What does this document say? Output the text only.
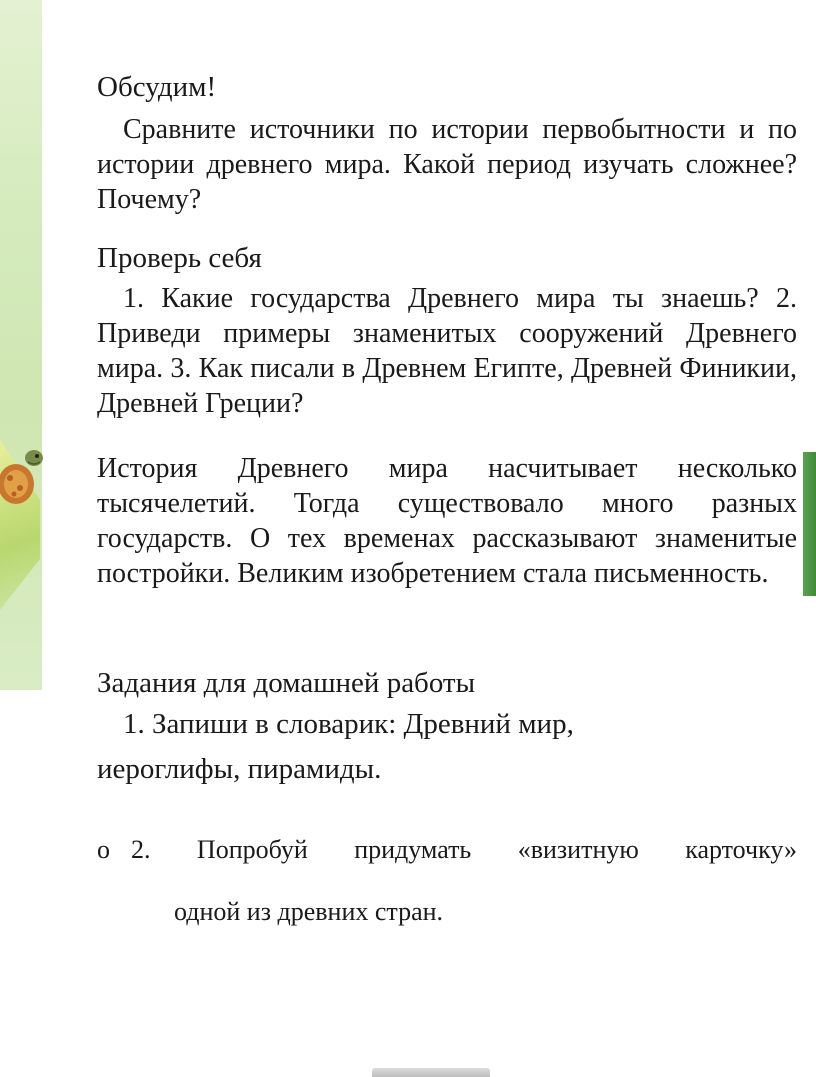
Обсудим!

Сравните источники по истории первобытности и по истории древнего мира. Какой период изучать сложнее? Почему?

Проверь себя

1. Какие государства Древнего мира ты знаешь? 2. Приведи примеры знаменитых сооружений Древнего мира. 3. Как писали в Древнем Египте, Древней Финикии, Древней Греции?

История Древнего мира насчитывает несколько тысячелетий. Тогда существовало много разных государств. О тех временах рассказывают знаменитые постройки. Великим изобретением стала письменность.

Задания для домашней работы

1. Запиши в словарик: Древний мир,

иероглифы, пирамиды.

o 2. Попробуй придумать «визитную карточку»
одной из древних стран.
